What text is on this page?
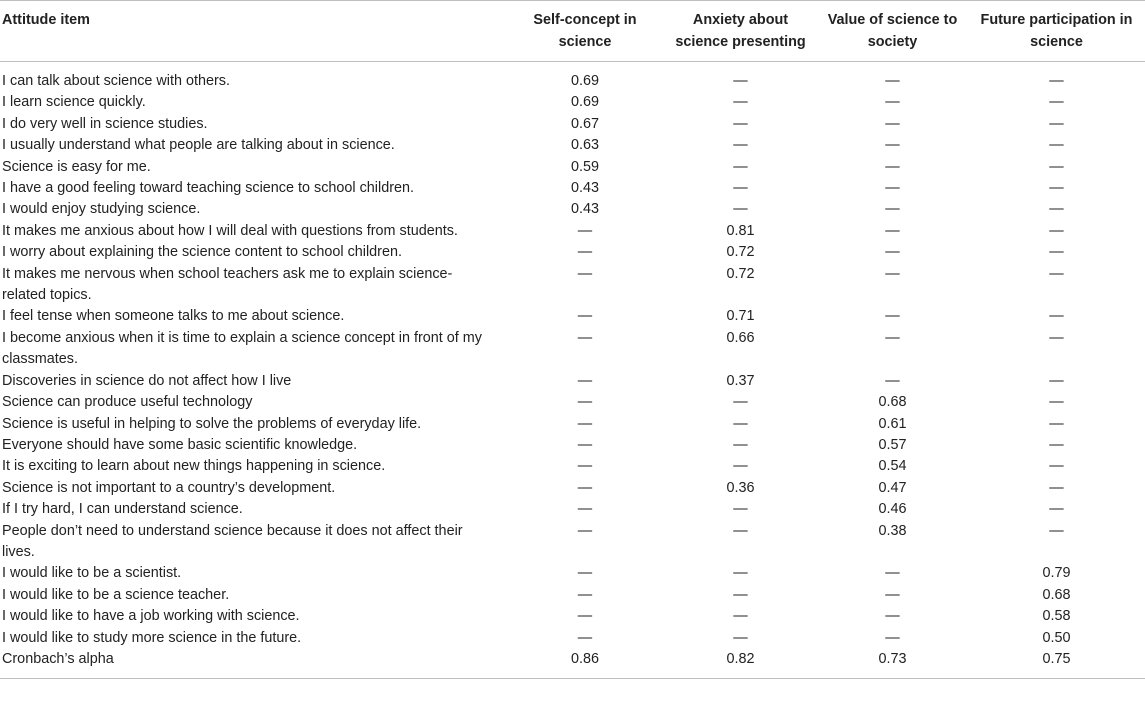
Attitude item	Self-concept in science	Anxiety about science presenting	Value of science to society	Future participation in science
I can talk about science with others.	0.69	—	—	—
I learn science quickly.	0.69	—	—	—
I do very well in science studies.	0.67	—	—	—
I usually understand what people are talking about in science.	0.63	—	—	—
Science is easy for me.	0.59	—	—	—
I have a good feeling toward teaching science to school children.	0.43	—	—	—
I would enjoy studying science.	0.43	—	—	—
It makes me anxious about how I will deal with questions from students.	—	0.81	—	—
I worry about explaining the science content to school children.	—	0.72	—	—
It makes me nervous when school teachers ask me to explain science-related topics.	—	0.72	—	—
I feel tense when someone talks to me about science.	—	0.71	—	—
I become anxious when it is time to explain a science concept in front of my classmates.	—	0.66	—	—
Discoveries in science do not affect how I live	—	0.37	—	—
Science can produce useful technology	—	—	0.68	—
Science is useful in helping to solve the problems of everyday life.	—	—	0.61	—
Everyone should have some basic scientific knowledge.	—	—	0.57	—
It is exciting to learn about new things happening in science.	—	—	0.54	—
Science is not important to a country’s development.	—	0.36	0.47	—
If I try hard, I can understand science.	—	—	0.46	—
People don’t need to understand science because it does not affect their lives.	—	—	0.38	—
I would like to be a scientist.	—	—	—	0.79
I would like to be a science teacher.	—	—	—	0.68
I would like to have a job working with science.	—	—	—	0.58
I would like to study more science in the future.	—	—	—	0.50
Cronbach’s alpha	0.86	0.82	0.73	0.75
